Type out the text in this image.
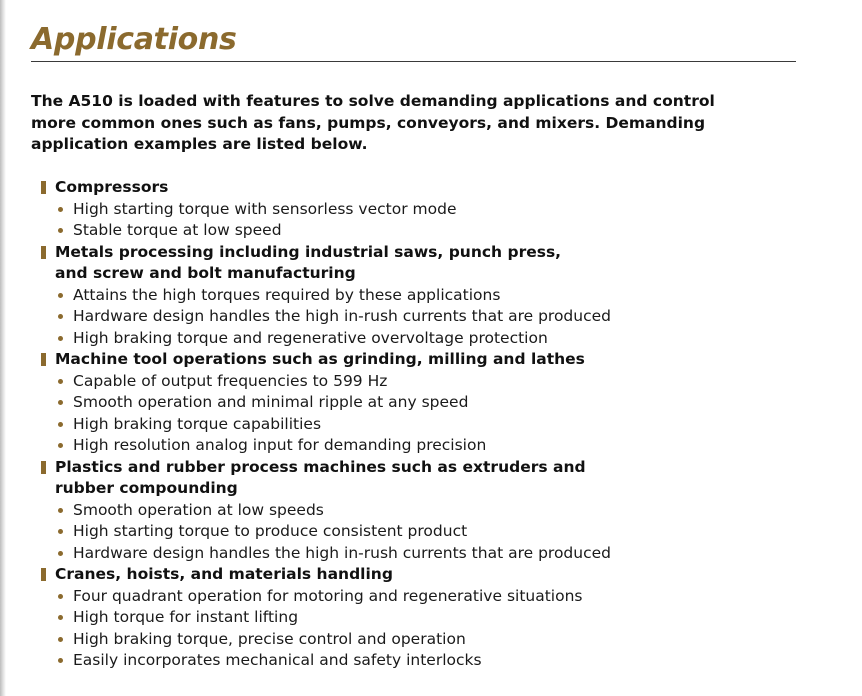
Applications

The A510 is loaded with features to solve demanding applications and control more common ones such as fans, pumps, conveyors, and mixers. Demanding application examples are listed below.

Compressors
High starting torque with sensorless vector mode
Stable torque at low speed
Metals processing including industrial saws, punch press, and screw and bolt manufacturing
Attains the high torques required by these applications
Hardware design handles the high in-rush currents that are produced
High braking torque and regenerative overvoltage protection
Machine tool operations such as grinding, milling and lathes
Capable of output frequencies to 599 Hz
Smooth operation and minimal ripple at any speed
High braking torque capabilities
High resolution analog input for demanding precision
Plastics and rubber process machines such as extruders and rubber compounding
Smooth operation at low speeds
High starting torque to produce consistent product
Hardware design handles the high in-rush currents that are produced
Cranes, hoists, and materials handling
Four quadrant operation for motoring and regenerative situations
High torque for instant lifting
High braking torque, precise control and operation
Easily incorporates mechanical and safety interlocks
